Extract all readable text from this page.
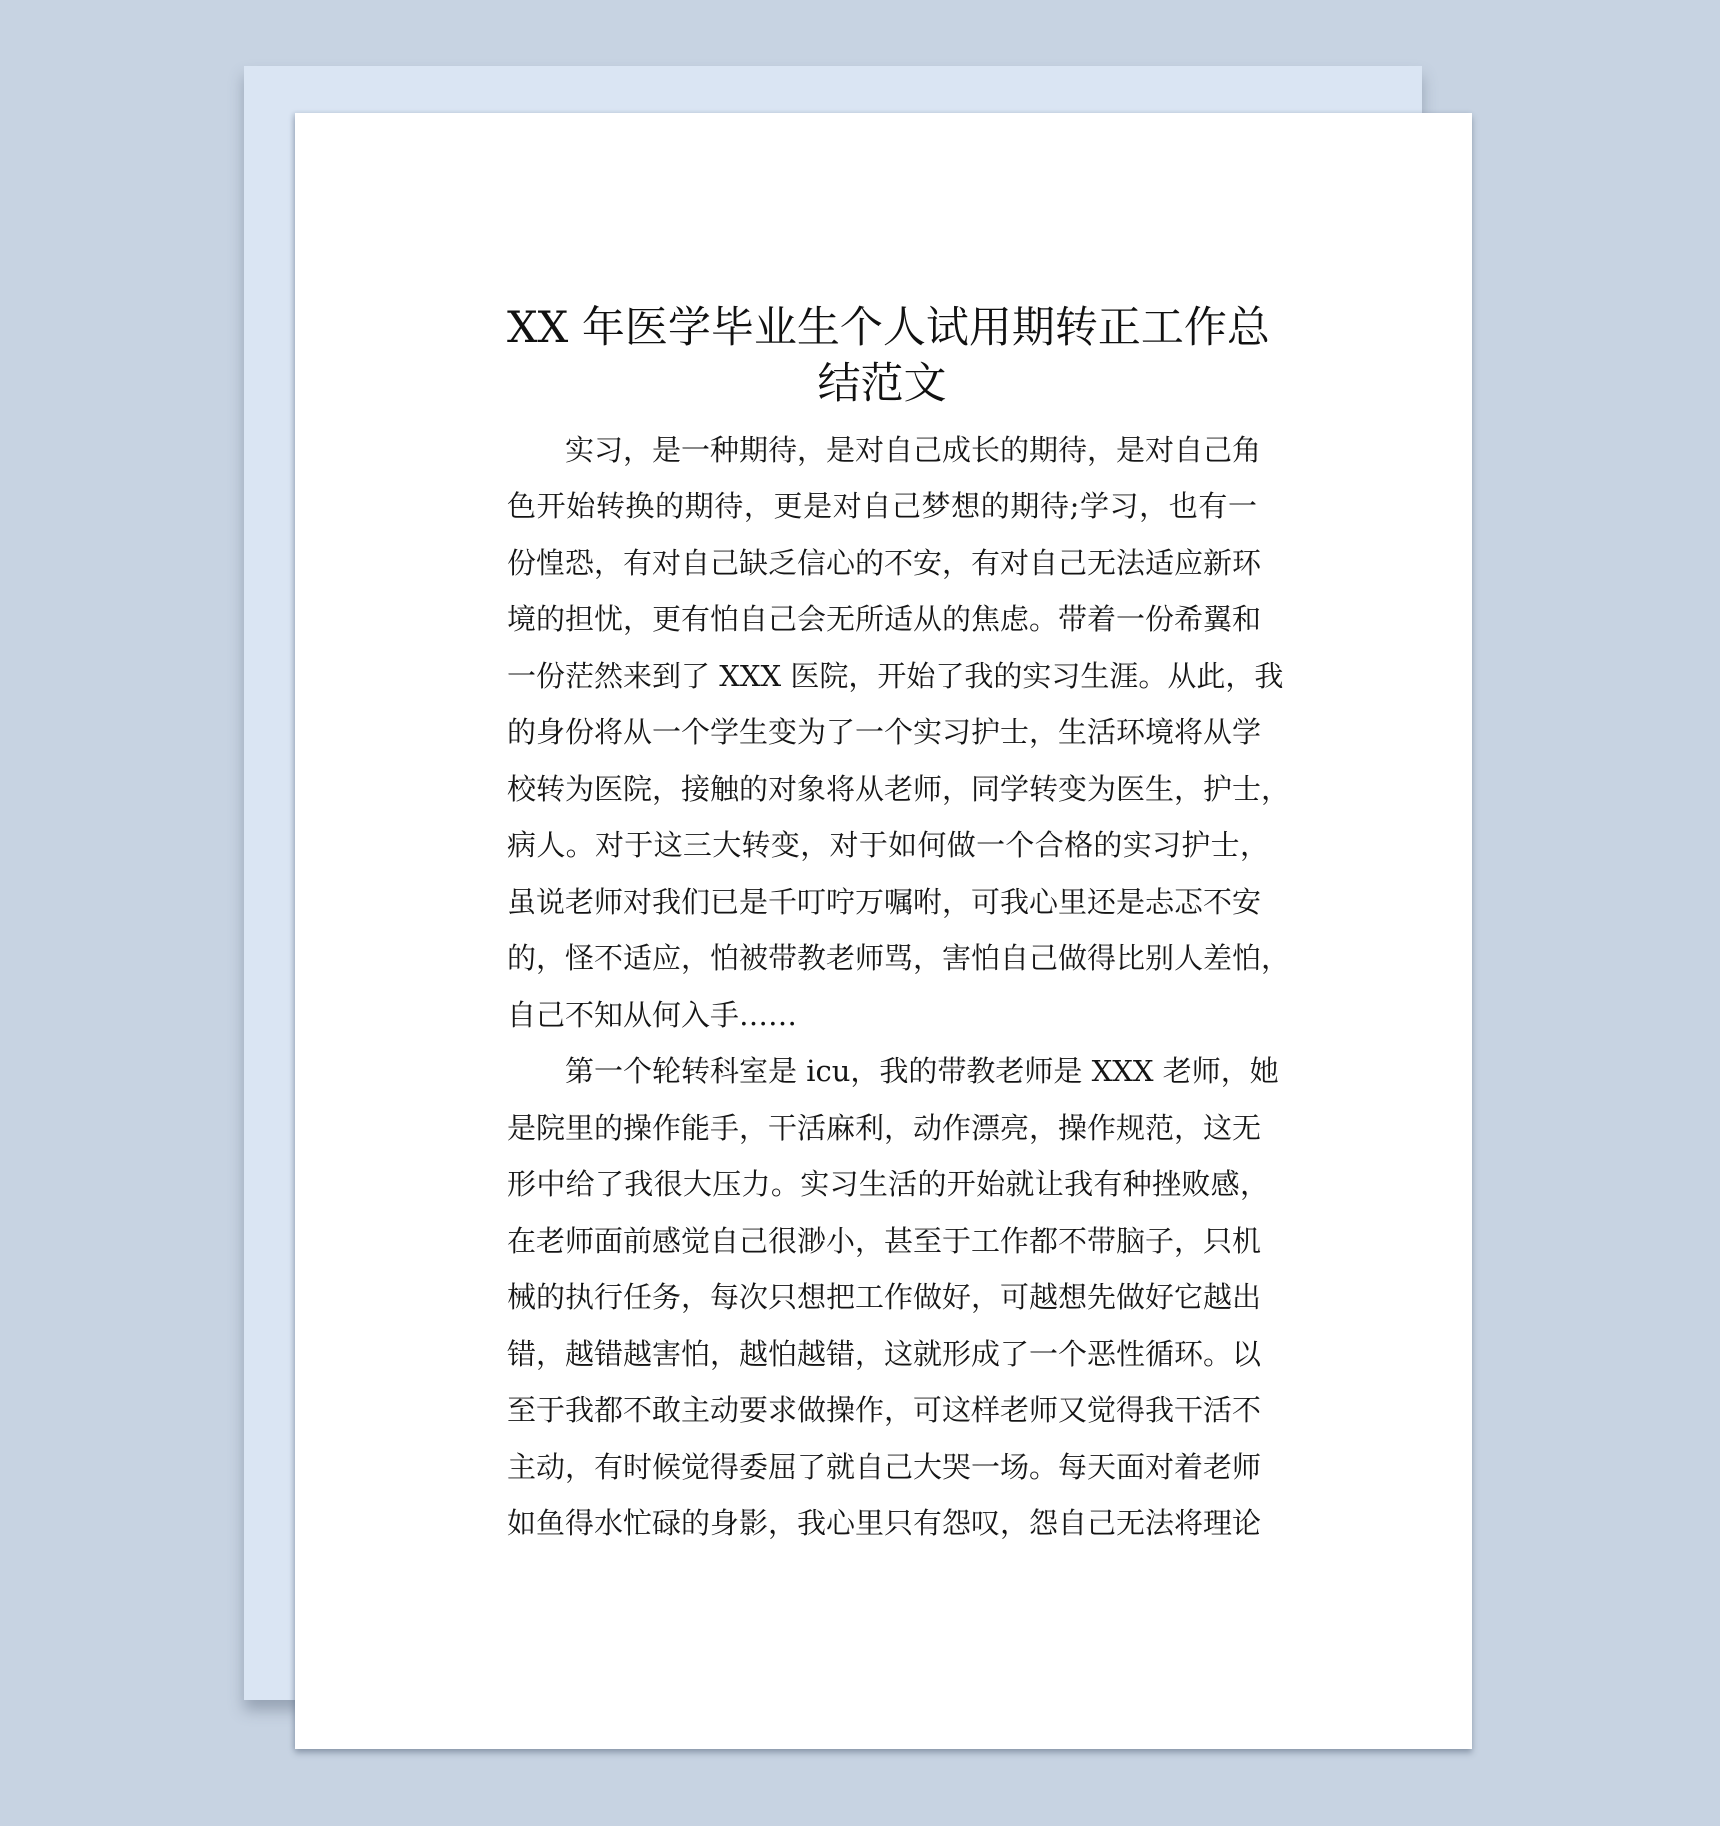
XX 年医学毕业生个人试用期转正工作总
结范文
实习，是一种期待，是对自己成长的期待，是对自己角
色开始转换的期待，更是对自己梦想的期待;学习，也有一
份惶恐，有对自己缺乏信心的不安，有对自己无法适应新环
境的担忧，更有怕自己会无所适从的焦虑。带着一份希翼和
一份茫然来到了 XXX 医院，开始了我的实习生涯。从此，我
的身份将从一个学生变为了一个实习护士，生活环境将从学
校转为医院，接触的对象将从老师，同学转变为医生，护士，
病人。对于这三大转变，对于如何做一个合格的实习护士，
虽说老师对我们已是千叮咛万嘱咐，可我心里还是忐忑不安
的，怪不适应，怕被带教老师骂，害怕自己做得比别人差怕，
自己不知从何入手……
第一个轮转科室是 icu，我的带教老师是 XXX 老师，她
是院里的操作能手，干活麻利，动作漂亮，操作规范，这无
形中给了我很大压力。实习生活的开始就让我有种挫败感，
在老师面前感觉自己很渺小，甚至于工作都不带脑子，只机
械的执行任务，每次只想把工作做好，可越想先做好它越出
错，越错越害怕，越怕越错，这就形成了一个恶性循环。以
至于我都不敢主动要求做操作，可这样老师又觉得我干活不
主动，有时候觉得委屈了就自己大哭一场。每天面对着老师
如鱼得水忙碌的身影，我心里只有怨叹，怨自己无法将理论
